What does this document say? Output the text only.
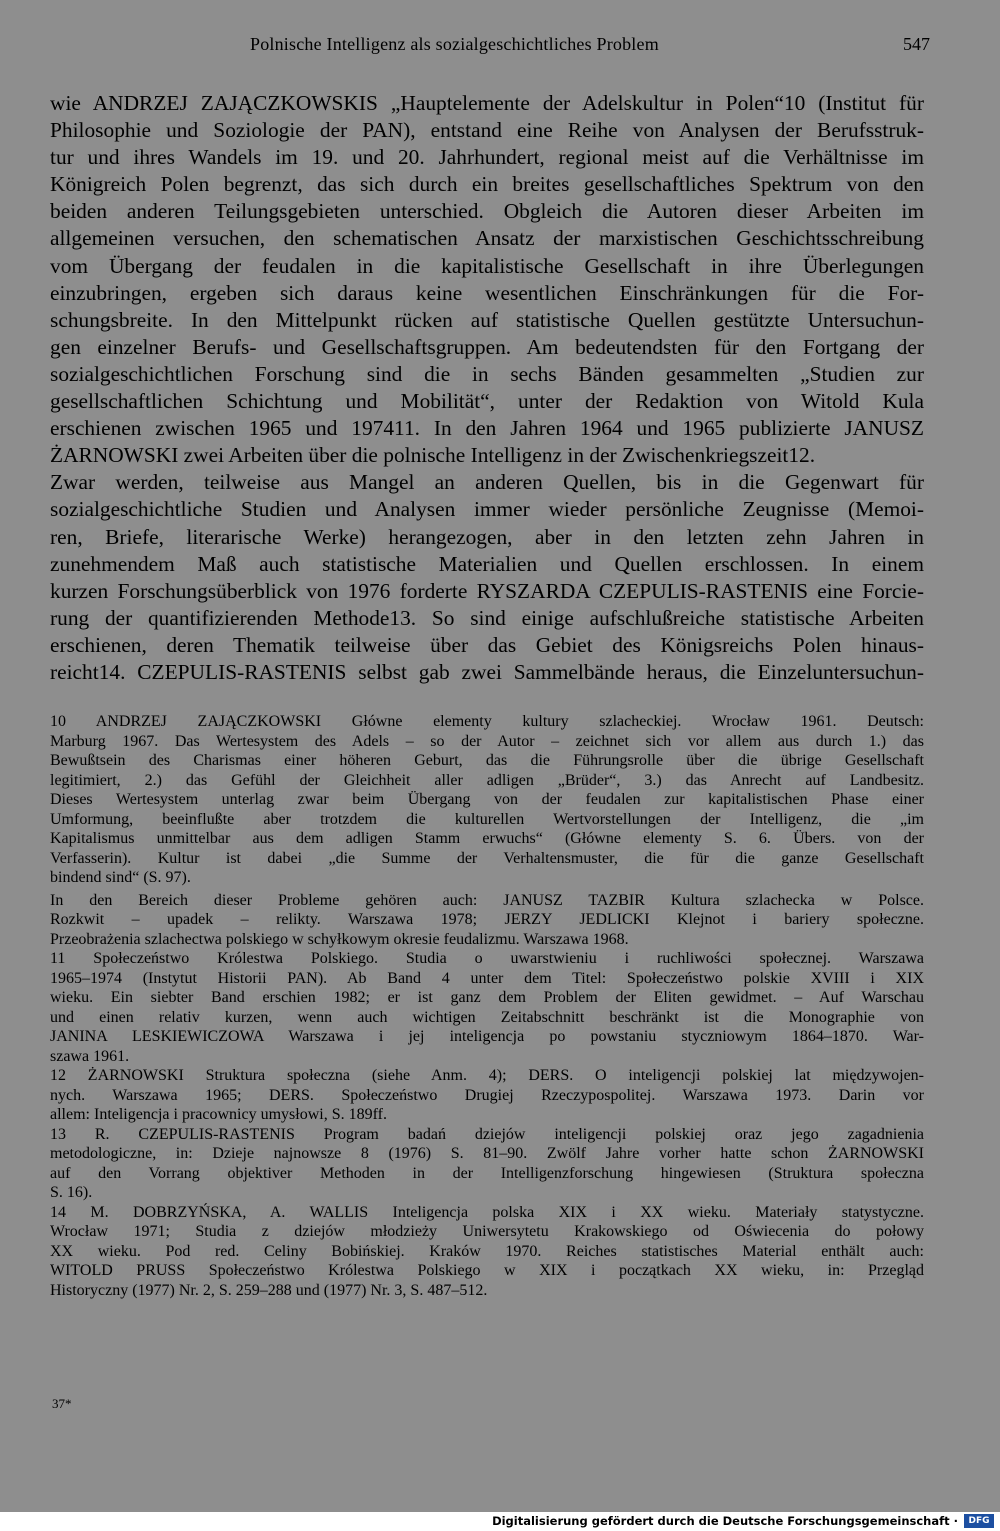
Polnische Intelligenz als sozialgeschichtliches Problem	547
wie ANDRZEJ ZAJĄCZKOWSKIS „Hauptelemente der Adelskultur in Polen“10 (Institut für
Philosophie und Soziologie der PAN), entstand eine Reihe von Analysen der Berufsstruk-
tur und ihres Wandels im 19. und 20. Jahrhundert, regional meist auf die Verhältnisse im
Königreich Polen begrenzt, das sich durch ein breites gesellschaftliches Spektrum von den
beiden anderen Teilungsgebieten unterschied. Obgleich die Autoren dieser Arbeiten im
allgemeinen versuchen, den schematischen Ansatz der marxistischen Geschichtsschreibung
vom Übergang der feudalen in die kapitalistische Gesellschaft in ihre Überlegungen
einzubringen, ergeben sich daraus keine wesentlichen Einschränkungen für die For-
schungsbreite. In den Mittelpunkt rücken auf statistische Quellen gestützte Untersuchun-
gen einzelner Berufs- und Gesellschaftsgruppen. Am bedeutendsten für den Fortgang der
sozialgeschichtlichen Forschung sind die in sechs Bänden gesammelten „Studien zur
gesellschaftlichen Schichtung und Mobilität“, unter der Redaktion von Witold Kula
erschienen zwischen 1965 und 197411. In den Jahren 1964 und 1965 publizierte JANUSZ
ŻARNOWSKI zwei Arbeiten über die polnische Intelligenz in der Zwischenkriegszeit12.
Zwar werden, teilweise aus Mangel an anderen Quellen, bis in die Gegenwart für
sozialgeschichtliche Studien und Analysen immer wieder persönliche Zeugnisse (Memoi-
ren, Briefe, literarische Werke) herangezogen, aber in den letzten zehn Jahren in
zunehmendem Maß auch statistische Materialien und Quellen erschlossen. In einem
kurzen Forschungsüberblick von 1976 forderte RYSZARDA CZEPULIS-RASTENIS eine Forcie-
rung der quantifizierenden Methode13. So sind einige aufschlußreiche statistische Arbeiten
erschienen, deren Thematik teilweise über das Gebiet des Königsreichs Polen hinaus-
reicht14. CZEPULIS-RASTENIS selbst gab zwei Sammelbände heraus, die Einzeluntersuchun-
10 ANDRZEJ ZAJĄCZKOWSKI Główne elementy kultury szlacheckiej. Wrocław 1961. Deutsch:
Marburg 1967. Das Wertesystem des Adels – so der Autor – zeichnet sich vor allem aus durch 1.) das
Bewußtsein des Charismas einer höheren Geburt, das die Führungsrolle über die übrige Gesellschaft
legitimiert, 2.) das Gefühl der Gleichheit aller adligen „Brüder“, 3.) das Anrecht auf Landbesitz.
Dieses Wertesystem unterlag zwar beim Übergang von der feudalen zur kapitalistischen Phase einer
Umformung, beeinflußte aber trotzdem die kulturellen Wertvorstellungen der Intelligenz, die „im
Kapitalismus unmittelbar aus dem adligen Stamm erwuchs“ (Główne elementy S. 6. Übers. von der
Verfasserin). Kultur ist dabei „die Summe der Verhaltensmuster, die für die ganze Gesellschaft
bindend sind“ (S. 97).
In den Bereich dieser Probleme gehören auch: JANUSZ TAZBIR Kultura szlachecka w Polsce.
Rozkwit – upadek – relikty. Warszawa 1978; JERZY JEDLICKI Klejnot i bariery społeczne.
Przeobrażenia szlachectwa polskiego w schyłkowym okresie feudalizmu. Warszawa 1968.
11 Społeczeństwo Królestwa Polskiego. Studia o uwarstwieniu i ruchliwości społecznej. Warszawa
1965–1974 (Instytut Historii PAN). Ab Band 4 unter dem Titel: Społeczeństwo polskie XVIII i XIX
wieku. Ein siebter Band erschien 1982; er ist ganz dem Problem der Eliten gewidmet. – Auf Warschau
und einen relativ kurzen, wenn auch wichtigen Zeitabschnitt beschränkt ist die Monographie von
JANINA LESKIEWICZOWA Warszawa i jej inteligencja po powstaniu styczniowym 1864–1870. War-
szawa 1961.
12 ŻARNOWSKI Struktura społeczna (siehe Anm. 4); DERS. O inteligencji polskiej lat międzywojen-
nych. Warszawa 1965; DERS. Społeczeństwo Drugiej Rzeczypospolitej. Warszawa 1973. Darin vor
allem: Inteligencja i pracownicy umysłowi, S. 189ff.
13 R. CZEPULIS-RASTENIS Program badań dziejów inteligencji polskiej oraz jego zagadnienia
metodologiczne, in: Dzieje najnowsze 8 (1976) S. 81–90. Zwölf Jahre vorher hatte schon ŻARNOWSKI
auf den Vorrang objektiver Methoden in der Intelligenzforschung hingewiesen (Struktura społeczna
S. 16).
14 M. DOBRZYŃSKA, A. WALLIS Inteligencja polska XIX i XX wieku. Materiały statystyczne.
Wrocław 1971; Studia z dziejów młodzieży Uniwersytetu Krakowskiego od Oświecenia do połowy
XX wieku. Pod red. Celiny Bobińskiej. Kraków 1970. Reiches statistisches Material enthält auch:
WITOLD PRUSS Społeczeństwo Królestwa Polskiego w XIX i początkach XX wieku, in: Przegląd
Historyczny (1977) Nr. 2, S. 259–288 und (1977) Nr. 3, S. 487–512.
37*
Digitalisierung gefördert durch die Deutsche Forschungsgemeinschaft ·	DFG
